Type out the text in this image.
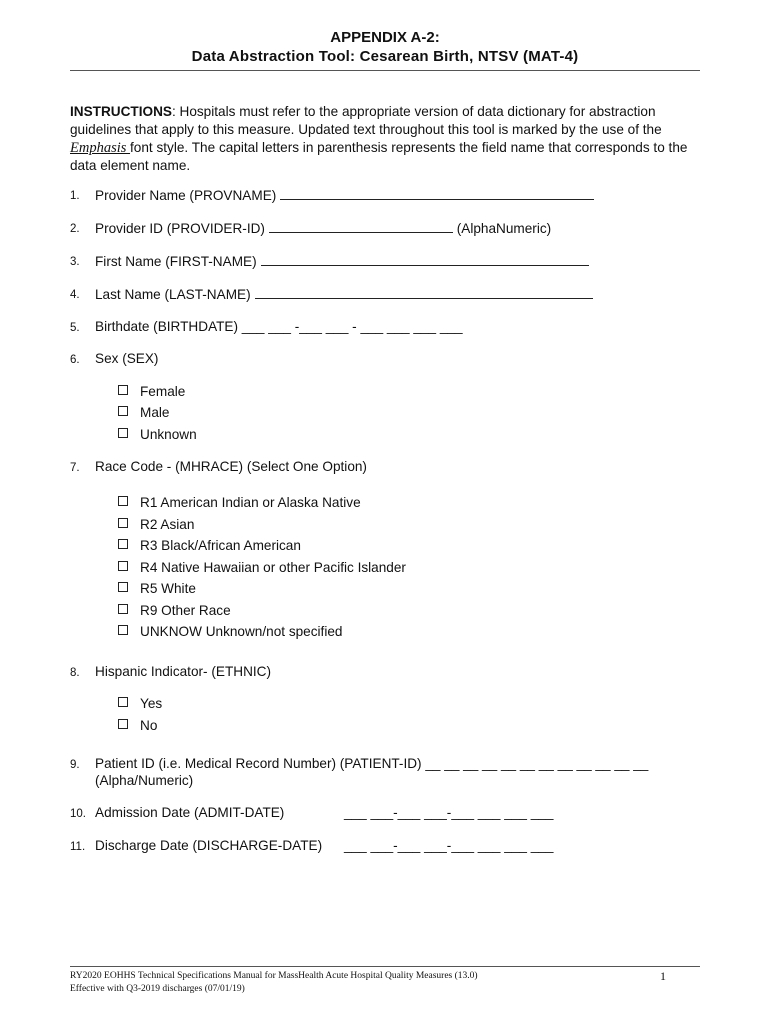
APPENDIX A-2:
Data Abstraction Tool: Cesarean Birth, NTSV (MAT-4)
INSTRUCTIONS: Hospitals must refer to the appropriate version of data dictionary for abstraction guidelines that apply to this measure. Updated text throughout this tool is marked by the use of the Emphasis font style. The capital letters in parenthesis represents the field name that corresponds to the data element name.
1.	Provider Name (PROVNAME)
2.	Provider ID (PROVIDER-ID)	(AlphaNumeric)
3.	First Name (FIRST-NAME)
4.	Last Name (LAST-NAME)
5.	Birthdate (BIRTHDATE) ___ ___ -___ ___ - ___ ___ ___ ___
6.	Sex (SEX)
Female
Male
Unknown
7.	Race Code - (MHRACE) (Select One Option)
R1 American Indian or Alaska Native
R2 Asian
R3 Black/African American
R4 Native Hawaiian or other Pacific Islander
R5 White
R9 Other Race
UNKNOW Unknown/not specified
8.	Hispanic Indicator- (ETHNIC)
Yes
No
9.	Patient ID (i.e. Medical Record Number) (PATIENT-ID) __ __ __ __ __ __ __ __ __ __ __ __
(Alpha/Numeric)
10. Admission Date (ADMIT-DATE)	___ ___-___ ___-___ ___ ___ ___
11. Discharge Date (DISCHARGE-DATE) ___ ___-___ ___-___ ___ ___ ___
RY2020 EOHHS Technical Specifications Manual for MassHealth Acute Hospital Quality Measures (13.0)
Effective with Q3-2019 discharges (07/01/19)
1
